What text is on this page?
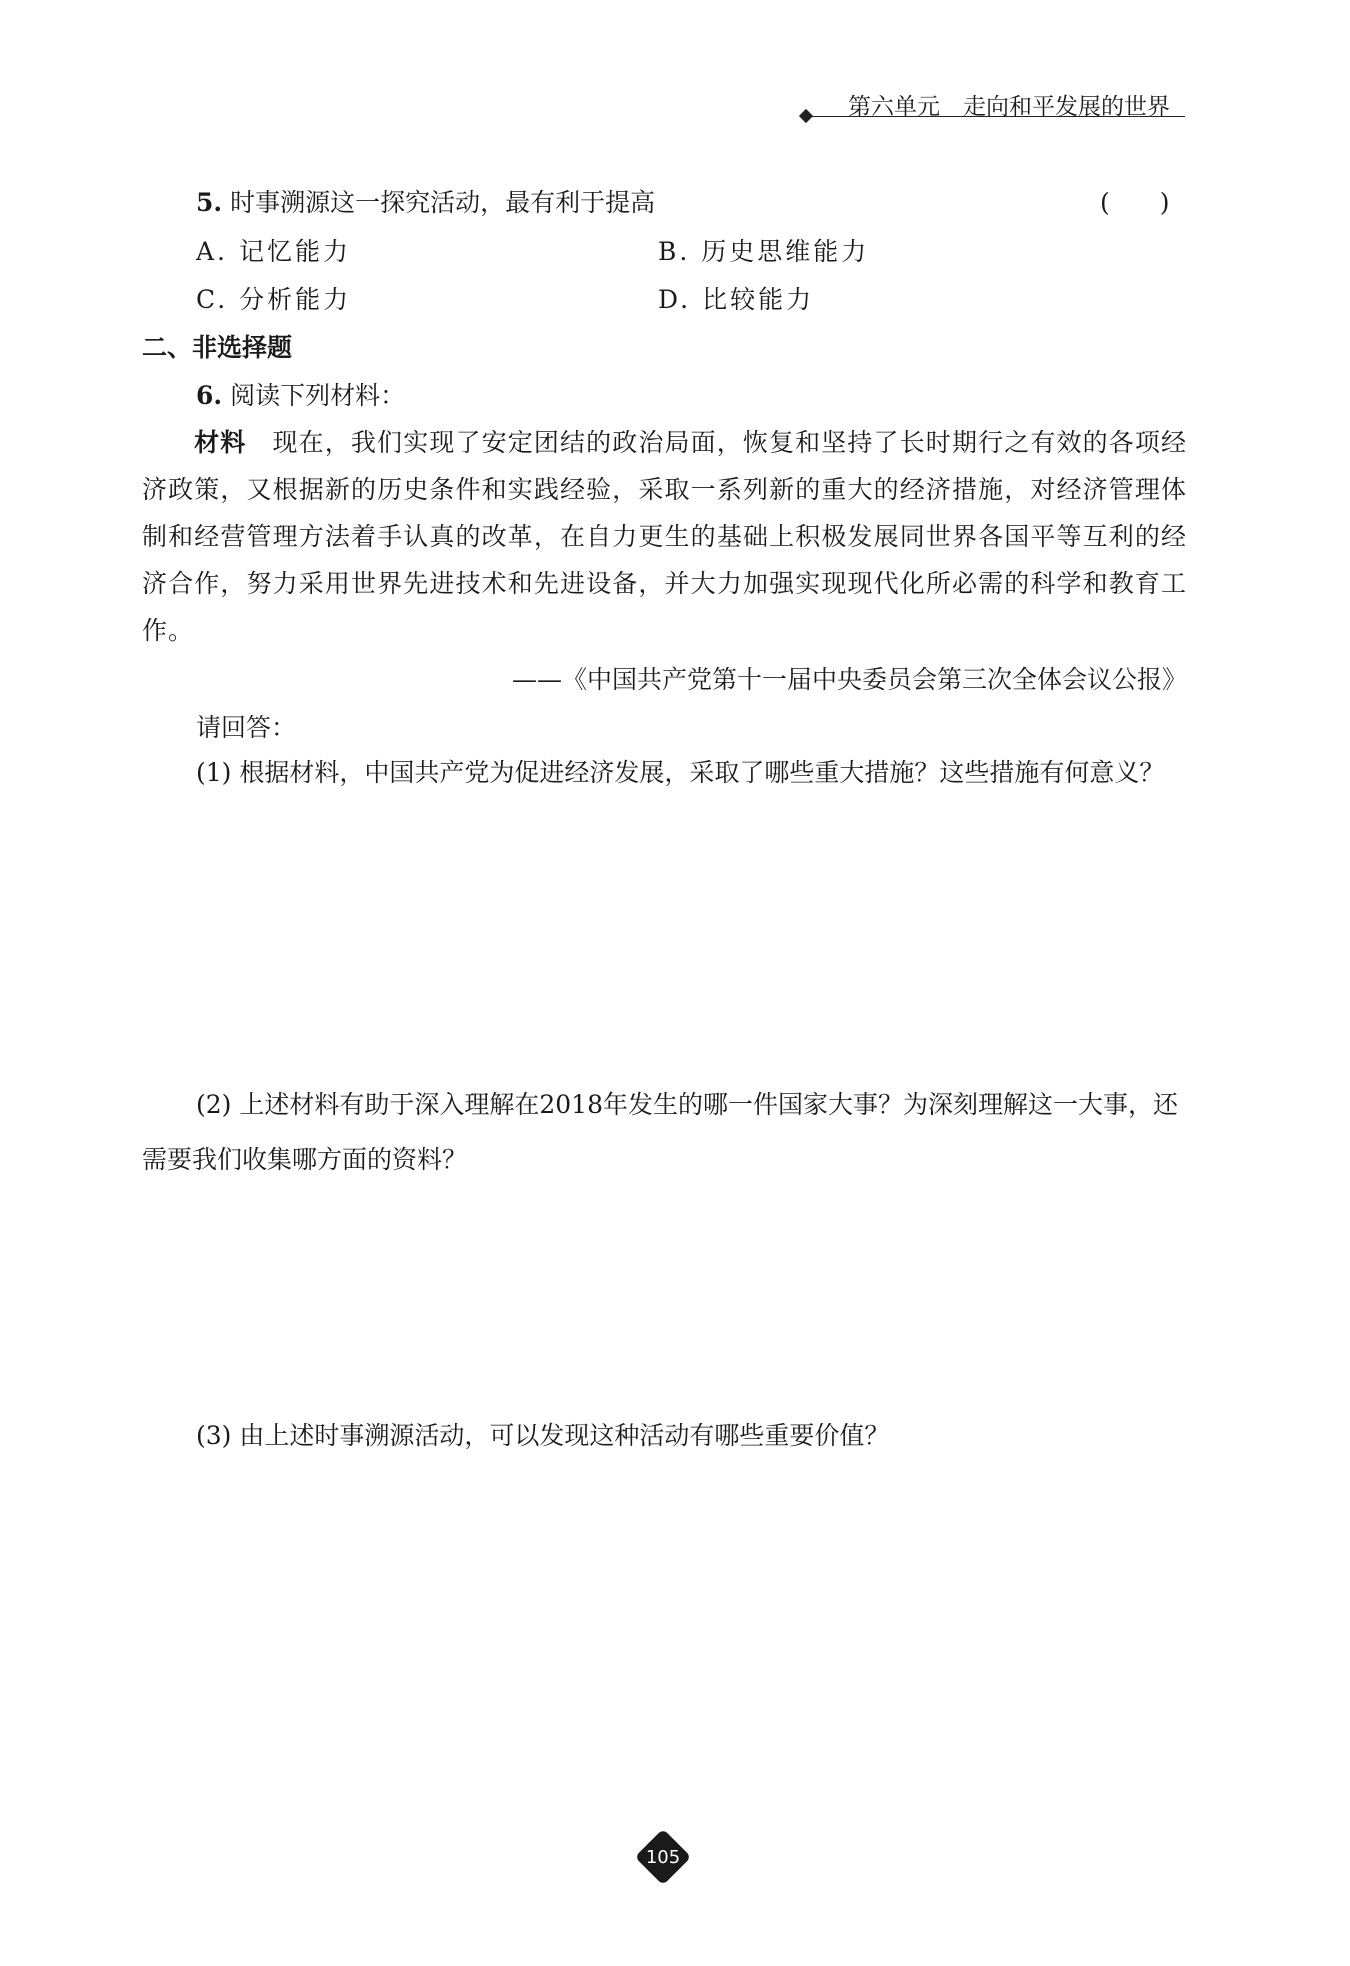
第六单元　走向和平发展的世界
5. 时事溯源这一探究活动，最有利于提高	(　　)
A. 记忆能力	B. 历史思维能力
C. 分析能力	D. 比较能力
二、非选择题
6. 阅读下列材料：
材料 现在，我们实现了安定团结的政治局面，恢复和坚持了长时期行之有效的各项经济政策，又根据新的历史条件和实践经验，采取一系列新的重大的经济措施，对经济管理体制和经营管理方法着手认真的改革，在自力更生的基础上积极发展同世界各国平等互利的经济合作，努力采用世界先进技术和先进设备，并大力加强实现现代化所必需的科学和教育工作。
——《中国共产党第十一届中央委员会第三次全体会议公报》
请回答：
(1) 根据材料，中国共产党为促进经济发展，采取了哪些重大措施？这些措施有何意义？
(2) 上述材料有助于深入理解在2018年发生的哪一件国家大事？为深刻理解这一大事，还需要我们收集哪方面的资料？
(3) 由上述时事溯源活动，可以发现这种活动有哪些重要价值？
105
